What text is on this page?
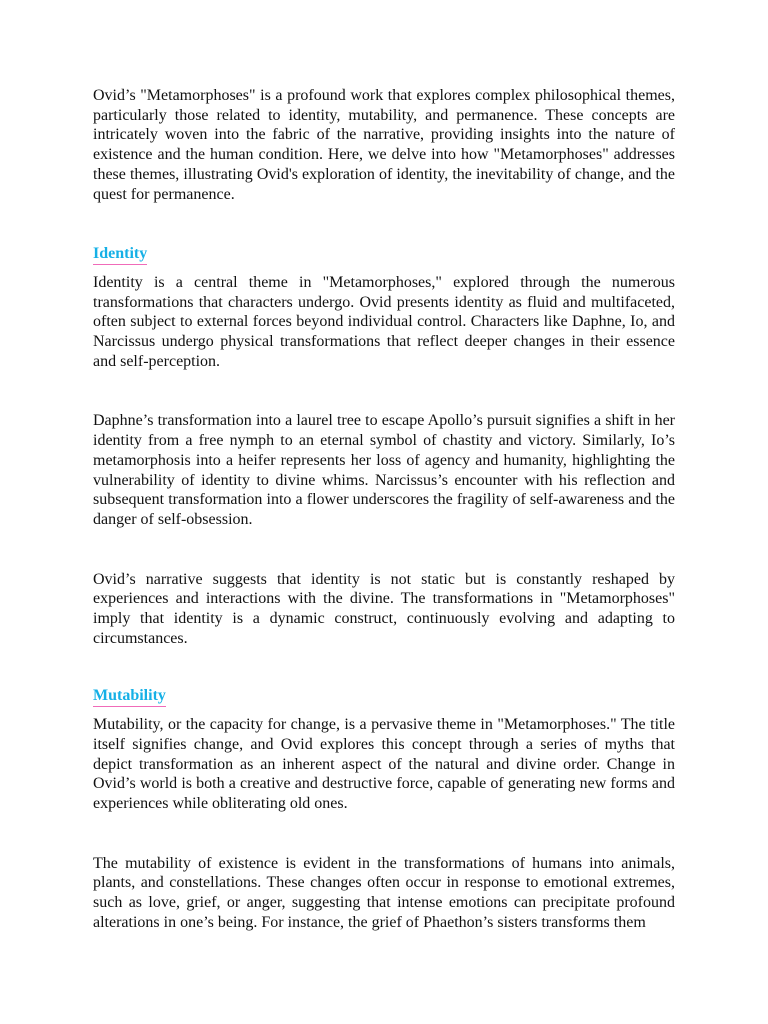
Ovid’s "Metamorphoses" is a profound work that explores complex philosophical themes, particularly those related to identity, mutability, and permanence. These concepts are intricately woven into the fabric of the narrative, providing insights into the nature of existence and the human condition. Here, we delve into how "Metamorphoses" addresses these themes, illustrating Ovid's exploration of identity, the inevitability of change, and the quest for permanence.

Identity

Identity is a central theme in "Metamorphoses," explored through the numerous transformations that characters undergo. Ovid presents identity as fluid and multifaceted, often subject to external forces beyond individual control. Characters like Daphne, Io, and Narcissus undergo physical transformations that reflect deeper changes in their essence and self-perception.

Daphne’s transformation into a laurel tree to escape Apollo’s pursuit signifies a shift in her identity from a free nymph to an eternal symbol of chastity and victory. Similarly, Io’s metamorphosis into a heifer represents her loss of agency and humanity, highlighting the vulnerability of identity to divine whims. Narcissus’s encounter with his reflection and subsequent transformation into a flower underscores the fragility of self-awareness and the danger of self-obsession.

Ovid’s narrative suggests that identity is not static but is constantly reshaped by experiences and interactions with the divine. The transformations in "Metamorphoses" imply that identity is a dynamic construct, continuously evolving and adapting to circumstances.

Mutability

Mutability, or the capacity for change, is a pervasive theme in "Metamorphoses." The title itself signifies change, and Ovid explores this concept through a series of myths that depict transformation as an inherent aspect of the natural and divine order. Change in Ovid’s world is both a creative and destructive force, capable of generating new forms and experiences while obliterating old ones.

The mutability of existence is evident in the transformations of humans into animals, plants, and constellations. These changes often occur in response to emotional extremes, such as love, grief, or anger, suggesting that intense emotions can precipitate profound alterations in one’s being. For instance, the grief of Phaethon’s sisters transforms them
